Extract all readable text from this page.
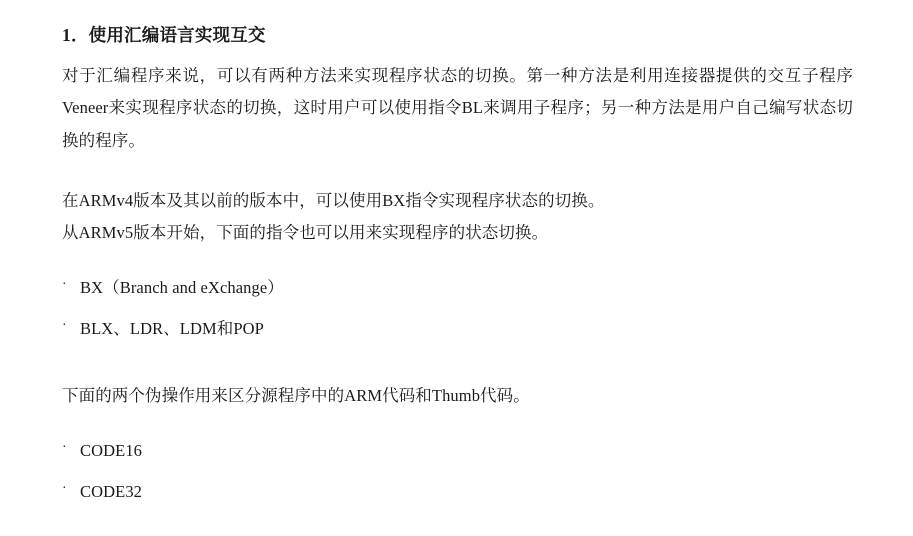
1．使用汇编语言实现互交

对于汇编程序来说，可以有两种方法来实现程序状态的切换。第一种方法是利用连接器提供的交互子程序Veneer来实现程序状态的切换，这时用户可以使用指令BL来调用子程序；另一种方法是用户自己编写状态切换的程序。

在ARMv4版本及其以前的版本中，可以使用BX指令实现程序状态的切换。

从ARMv5版本开始，下面的指令也可以用来实现程序的状态切换。

· BX（Branch and eXchange）
· BLX、LDR、LDM和POP

下面的两个伪操作用来区分源程序中的ARM代码和Thumb代码。

· CODE16
· CODE32
